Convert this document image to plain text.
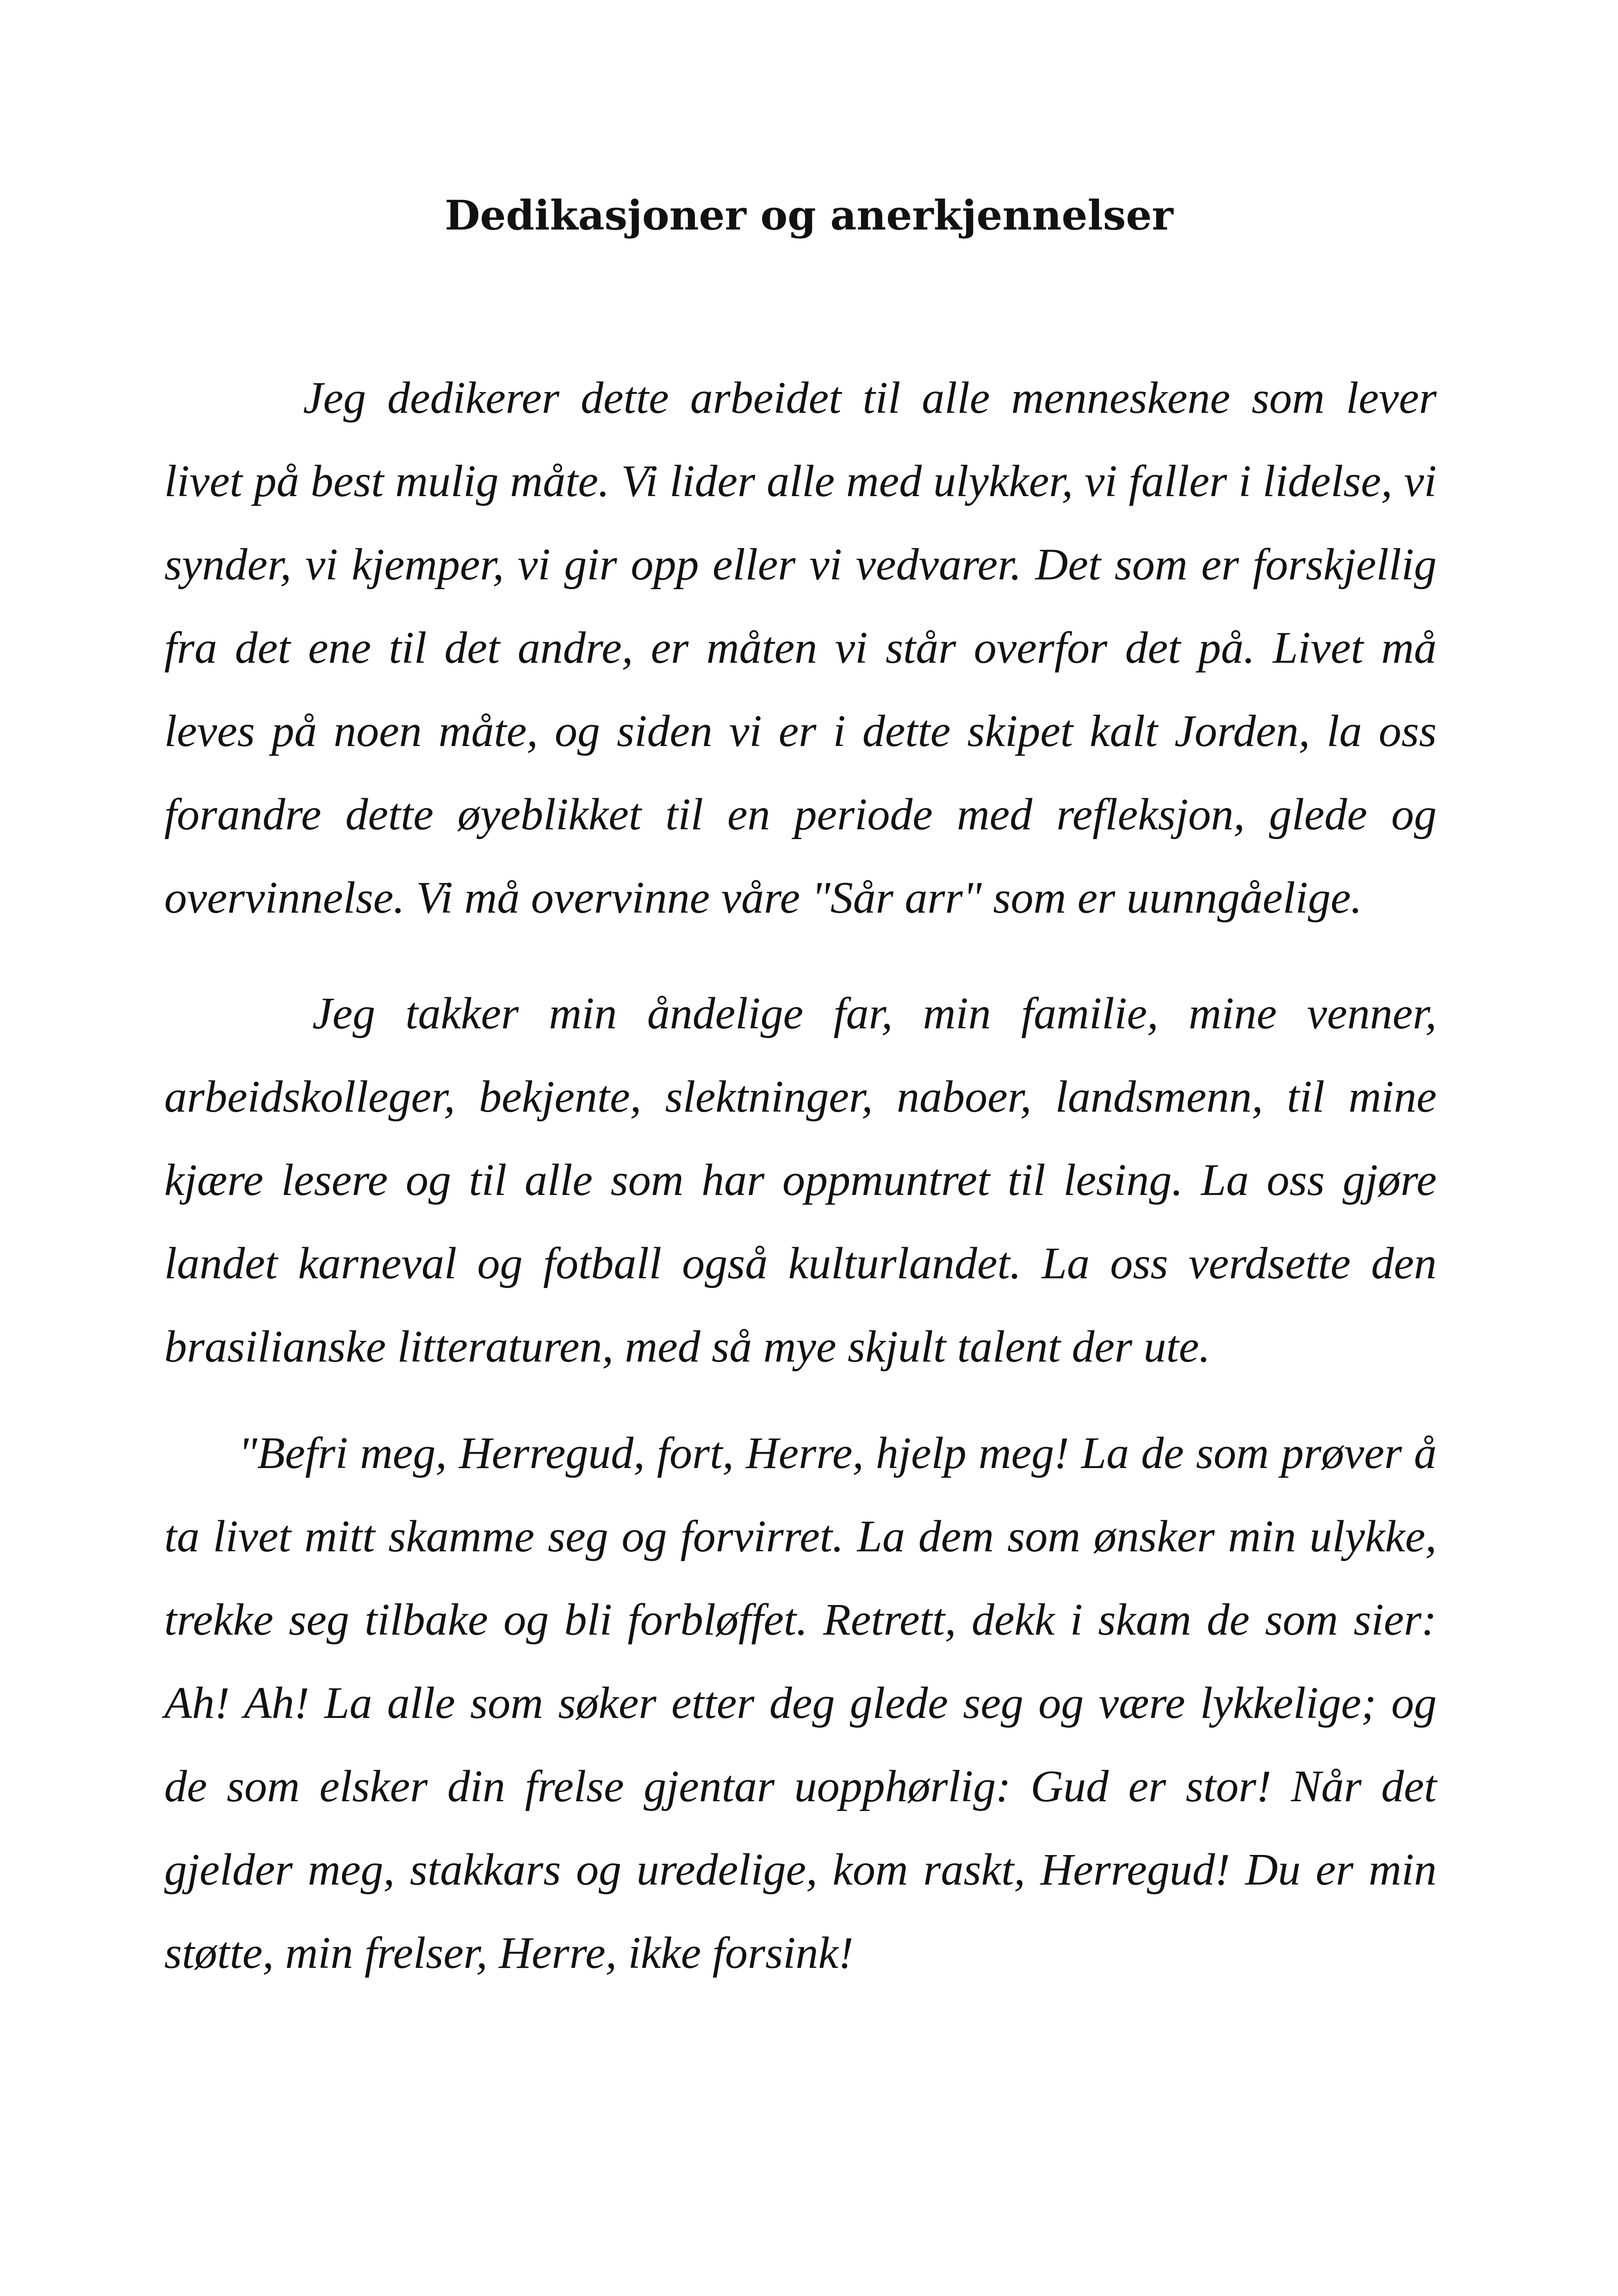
Dedikasjoner og anerkjennelser

Jeg dedikerer dette arbeidet til alle menneskene som lever livet på best mulig måte. Vi lider alle med ulykker, vi faller i lidelse, vi synder, vi kjemper, vi gir opp eller vi vedvarer. Det som er forskjellig fra det ene til det andre, er måten vi står overfor det på. Livet må leves på noen måte, og siden vi er i dette skipet kalt Jorden, la oss forandre dette øyeblikket til en periode med refleksjon, glede og overvinnelse. Vi må overvinne våre "Sår arr" som er uunngåelige.

Jeg takker min åndelige far, min familie, mine venner, arbeidskolleger, bekjente, slektninger, naboer, landsmenn, til mine kjære lesere og til alle som har oppmuntret til lesing. La oss gjøre landet karneval og fotball også kulturlandet. La oss verdsette den brasilianske litteraturen, med så mye skjult talent der ute.

"Befri meg, Herregud, fort, Herre, hjelp meg! La de som prøver å ta livet mitt skamme seg og forvirret. La dem som ønsker min ulykke, trekke seg tilbake og bli forbløffet. Retrett, dekk i skam de som sier: Ah! Ah! La alle som søker etter deg glede seg og være lykkelige; og de som elsker din frelse gjentar uopphørlig: Gud er stor! Når det gjelder meg, stakkars og uredelige, kom raskt, Herregud! Du er min støtte, min frelser, Herre, ikke forsink!
